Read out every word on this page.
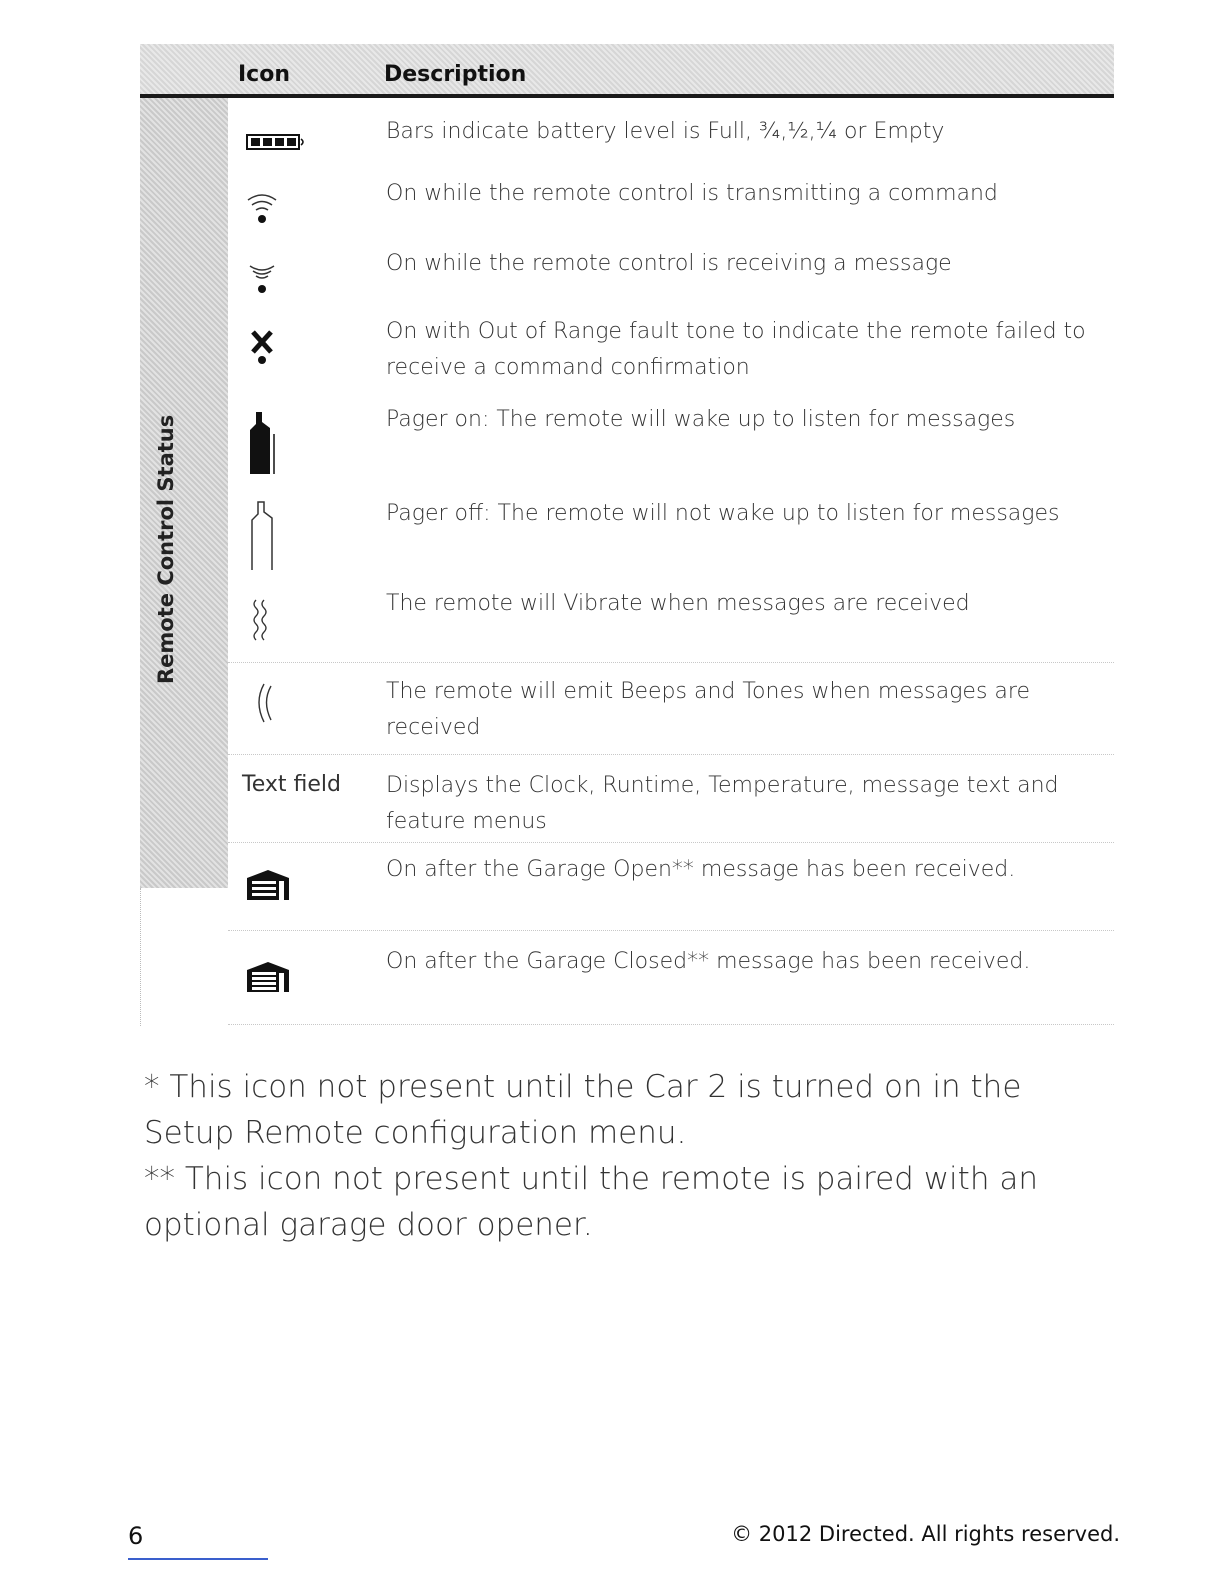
Icon	Description
Remote Control Status
Bars indicate battery level is Full, ¾,½,¼ or Empty
On while the remote control is transmitting a command
On while the remote control is receiving a message
On with Out of Range fault tone to indicate the remote failed to receive a command confirmation
Pager on: The remote will wake up to listen for messages
Pager off: The remote will not wake up to listen for messages
The remote will Vibrate when messages are received
The remote will emit Beeps and Tones when messages are received
Text field Displays the Clock, Runtime, Temperature, message text and feature menus
On after the Garage Open** message has been received.
On after the Garage Closed** message has been received.
* This icon not present until the Car 2 is turned on in the Setup Remote configuration menu.
** This icon not present until the remote is paired with an optional garage door opener.
6	© 2012 Directed. All rights reserved.
